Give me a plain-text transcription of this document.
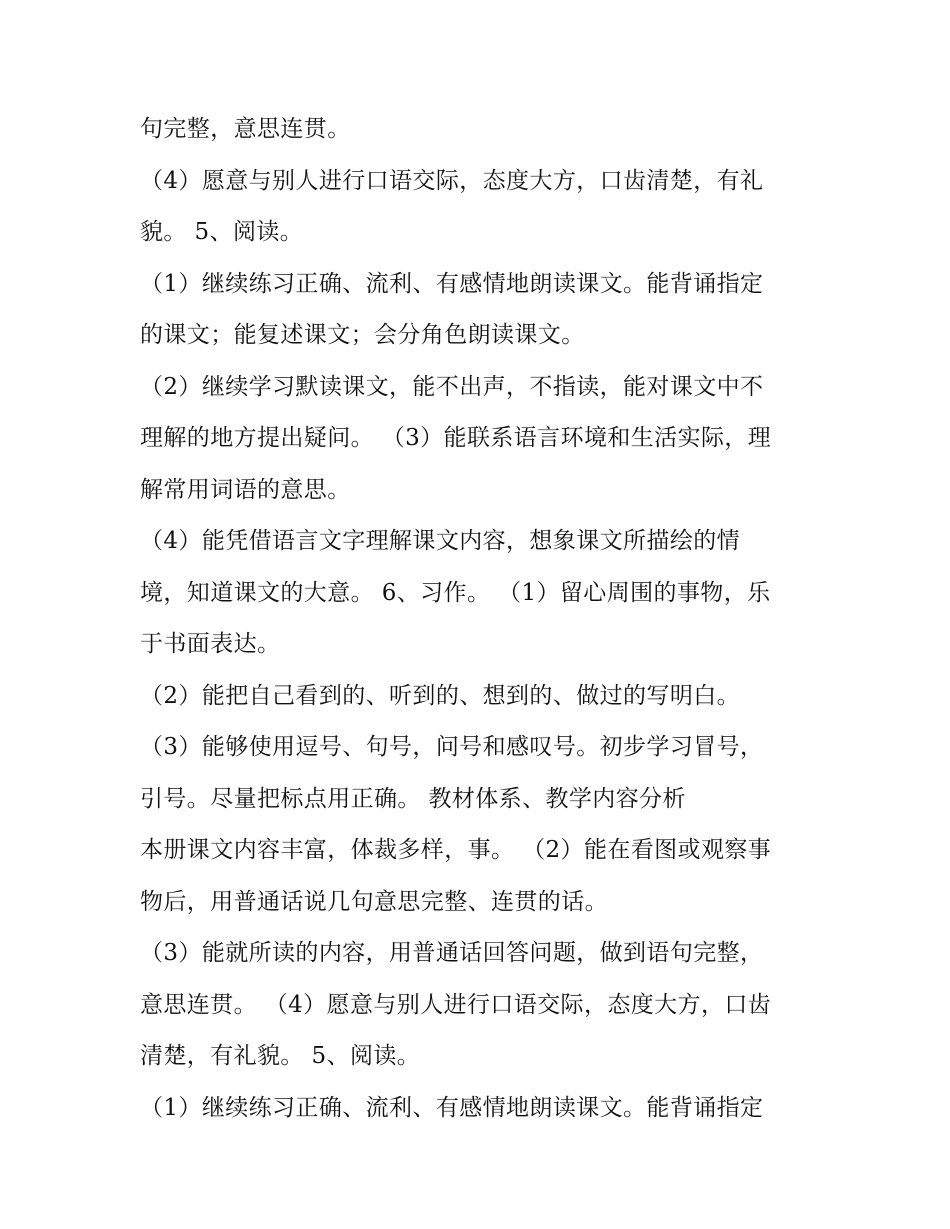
句完整，意思连贯。
（4）愿意与别人进行口语交际，态度大方，口齿清楚，有礼
貌。 5、阅读。
（1）继续练习正确、流利、有感情地朗读课文。能背诵指定
的课文；能复述课文；会分角色朗读课文。
（2）继续学习默读课文，能不出声，不指读，能对课文中不
理解的地方提出疑问。 （3）能联系语言环境和生活实际，理
解常用词语的意思。
（4）能凭借语言文字理解课文内容，想象课文所描绘的情
境，知道课文的大意。 6、习作。 （1）留心周围的事物，乐
于书面表达。
（2）能把自己看到的、听到的、想到的、做过的写明白。
（3）能够使用逗号、句号，问号和感叹号。初步学习冒号，
引号。尽量把标点用正确。 教材体系、教学内容分析
本册课文内容丰富，体裁多样，事。 （2）能在看图或观察事
物后，用普通话说几句意思完整、连贯的话。
（3）能就所读的内容，用普通话回答问题，做到语句完整，
意思连贯。 （4）愿意与别人进行口语交际，态度大方，口齿
清楚，有礼貌。 5、阅读。
（1）继续练习正确、流利、有感情地朗读课文。能背诵指定
